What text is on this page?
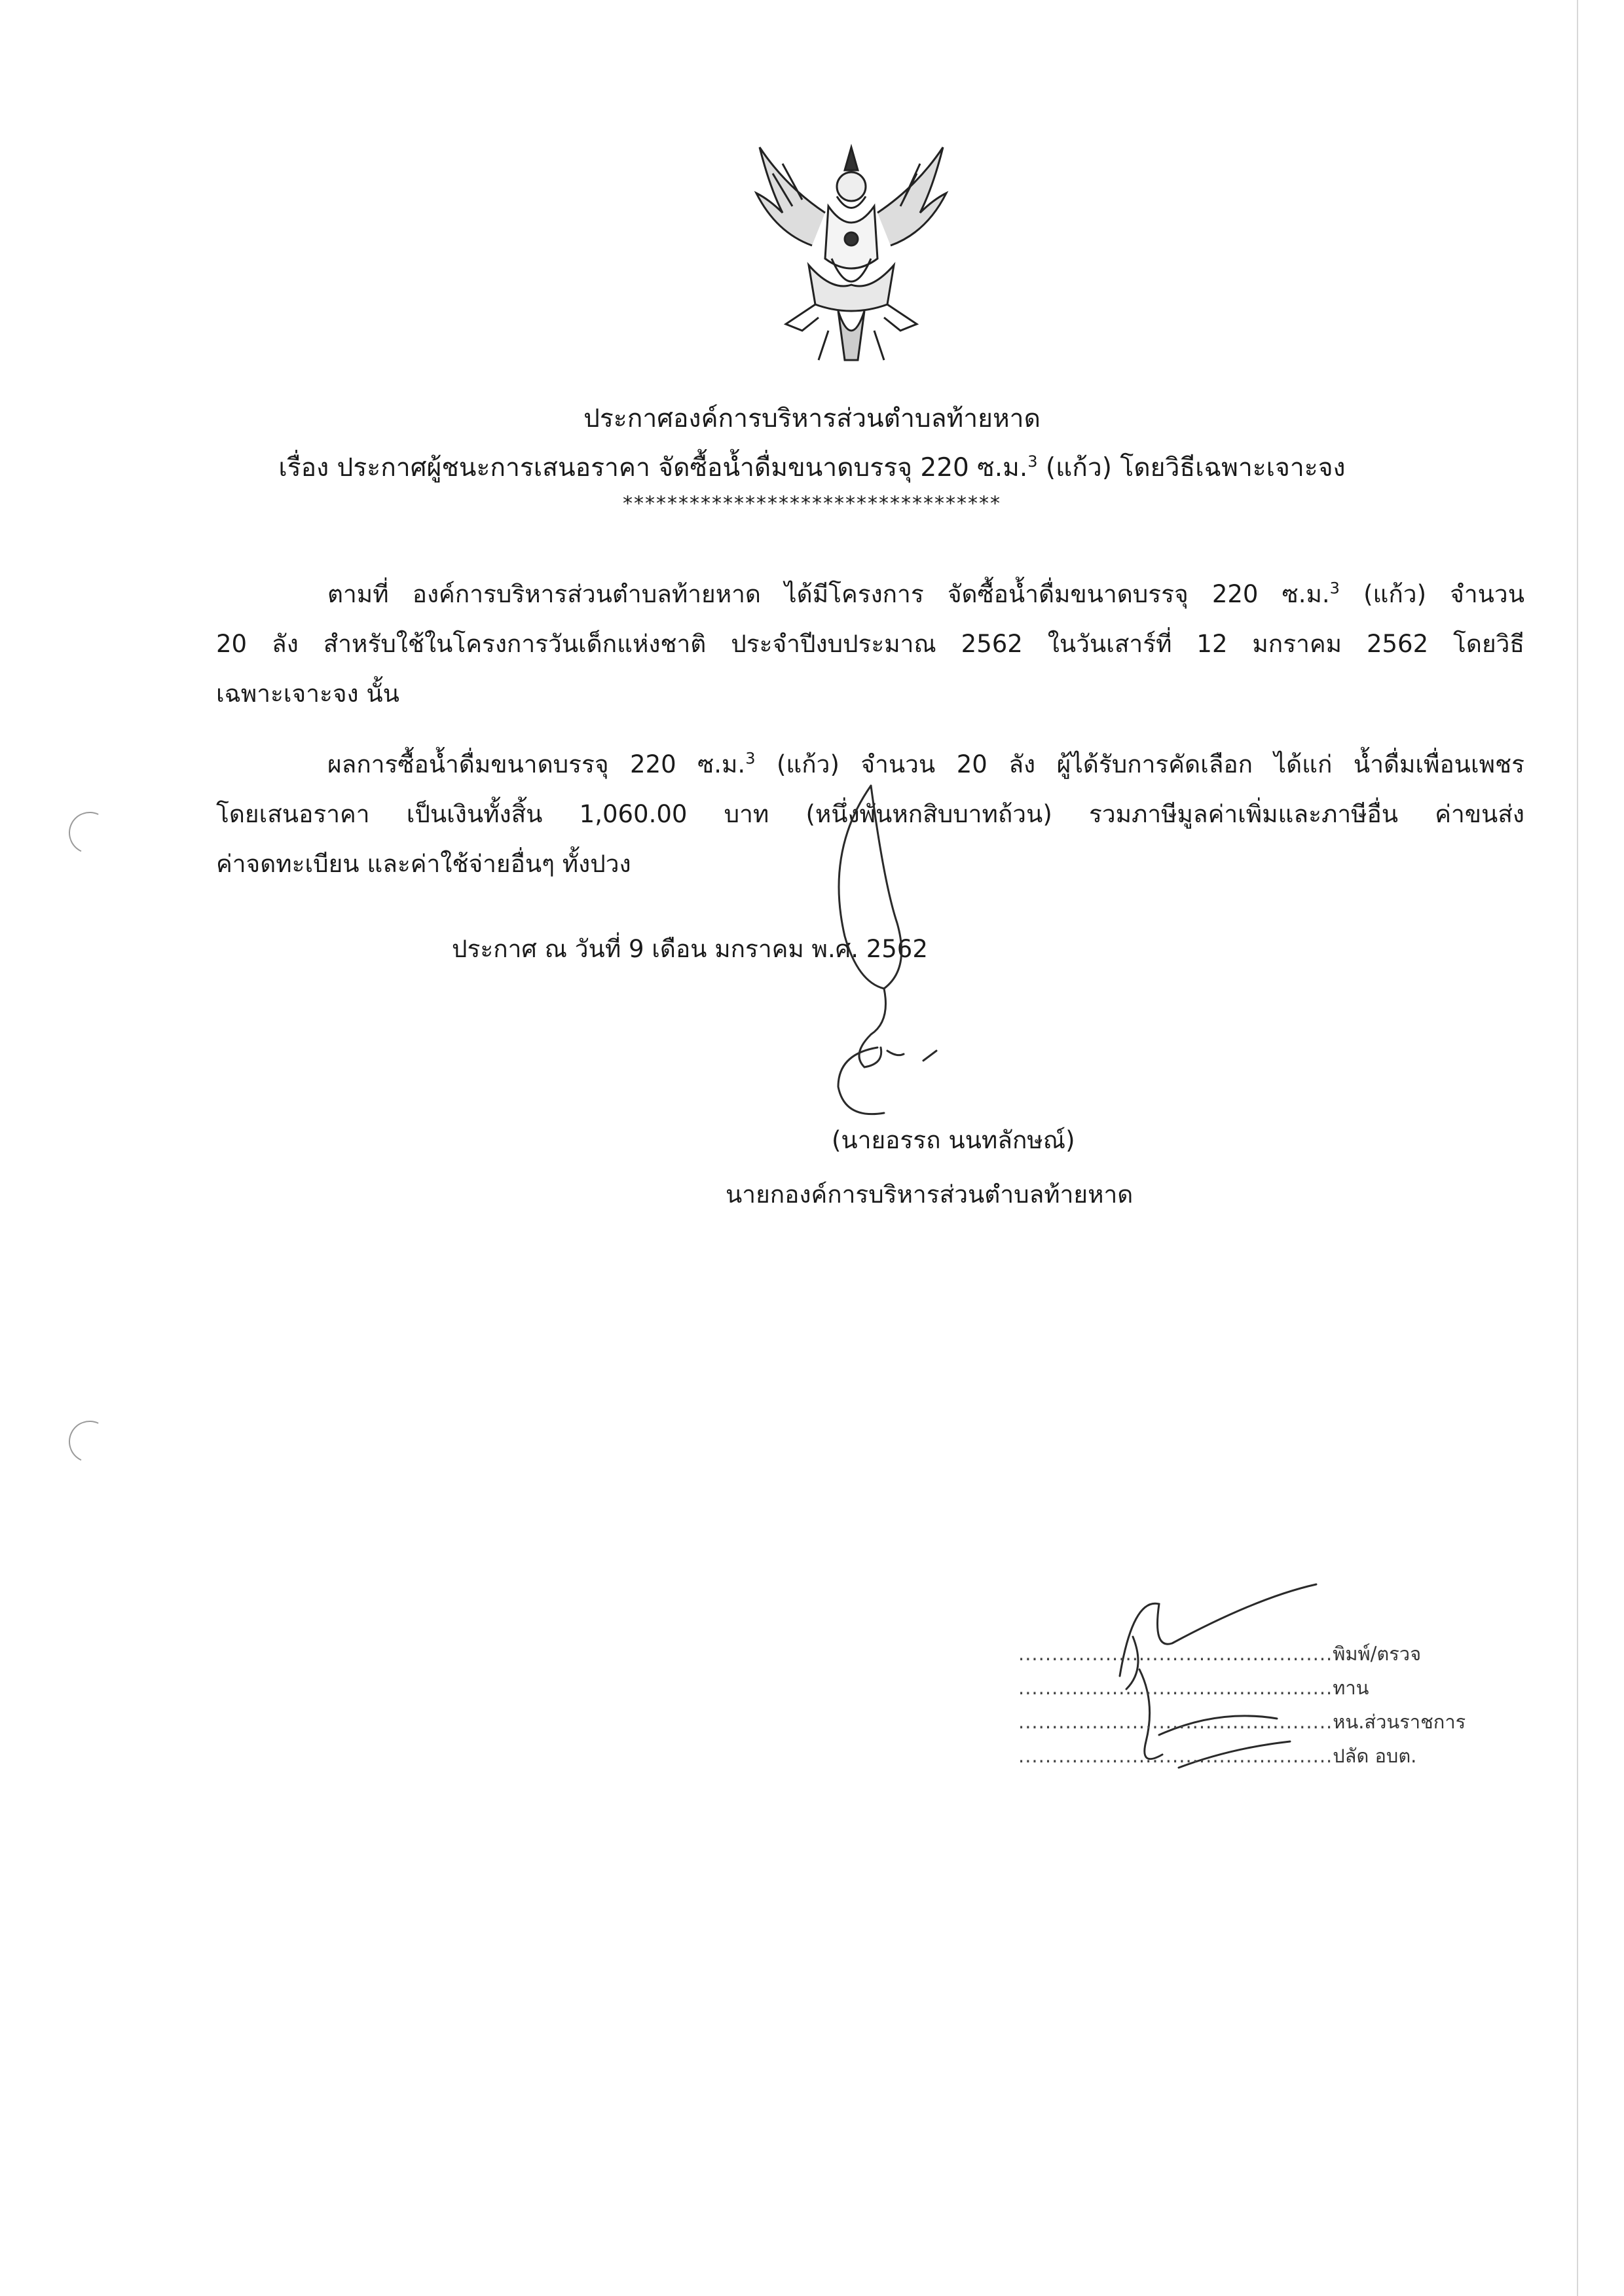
ประกาศองค์การบริหารส่วนตำบลท้ายหาด
เรื่อง ประกาศผู้ชนะการเสนอราคา จัดซื้อน้ำดื่มขนาดบรรจุ 220 ซ.ม.$^3$ (แก้ว) โดยวิธีเฉพาะเจาะจง
**********************************
ตามที่ องค์การบริหารส่วนตำบลท้ายหาด ได้มีโครงการ จัดซื้อน้ำดื่มขนาดบรรจุ 220 ซ.ม.$^3$ (แก้ว) จำนวน
20 ลัง สำหรับใช้ในโครงการวันเด็กแห่งชาติ ประจำปีงบประมาณ 2562 ในวันเสาร์ที่ 12 มกราคม 2562 โดยวิธี
เฉพาะเจาะจง นั้น
ผลการซื้อน้ำดื่มขนาดบรรจุ 220 ซ.ม.$^3$ (แก้ว) จำนวน 20 ลัง ผู้ได้รับการคัดเลือก ได้แก่ น้ำดื่มเพื่อนเพชร
โดยเสนอราคา เป็นเงินทั้งสิ้น 1,060.00 บาท (หนึ่งพันหกสิบบาทถ้วน) รวมภาษีมูลค่าเพิ่มและภาษีอื่น ค่าขนส่ง
ค่าจดทะเบียน และค่าใช้จ่ายอื่นๆ ทั้งปวง
ประกาศ ณ วันที่ 9 เดือน มกราคม พ.ศ. 2562
(นายอรรถ นนทลักษณ์)
นายกองค์การบริหารส่วนตำบลท้ายหาด
...............................................พิมพ์/ตรวจ
...............................................ทาน
...............................................หน.ส่วนราชการ
...............................................ปลัด อบต.
